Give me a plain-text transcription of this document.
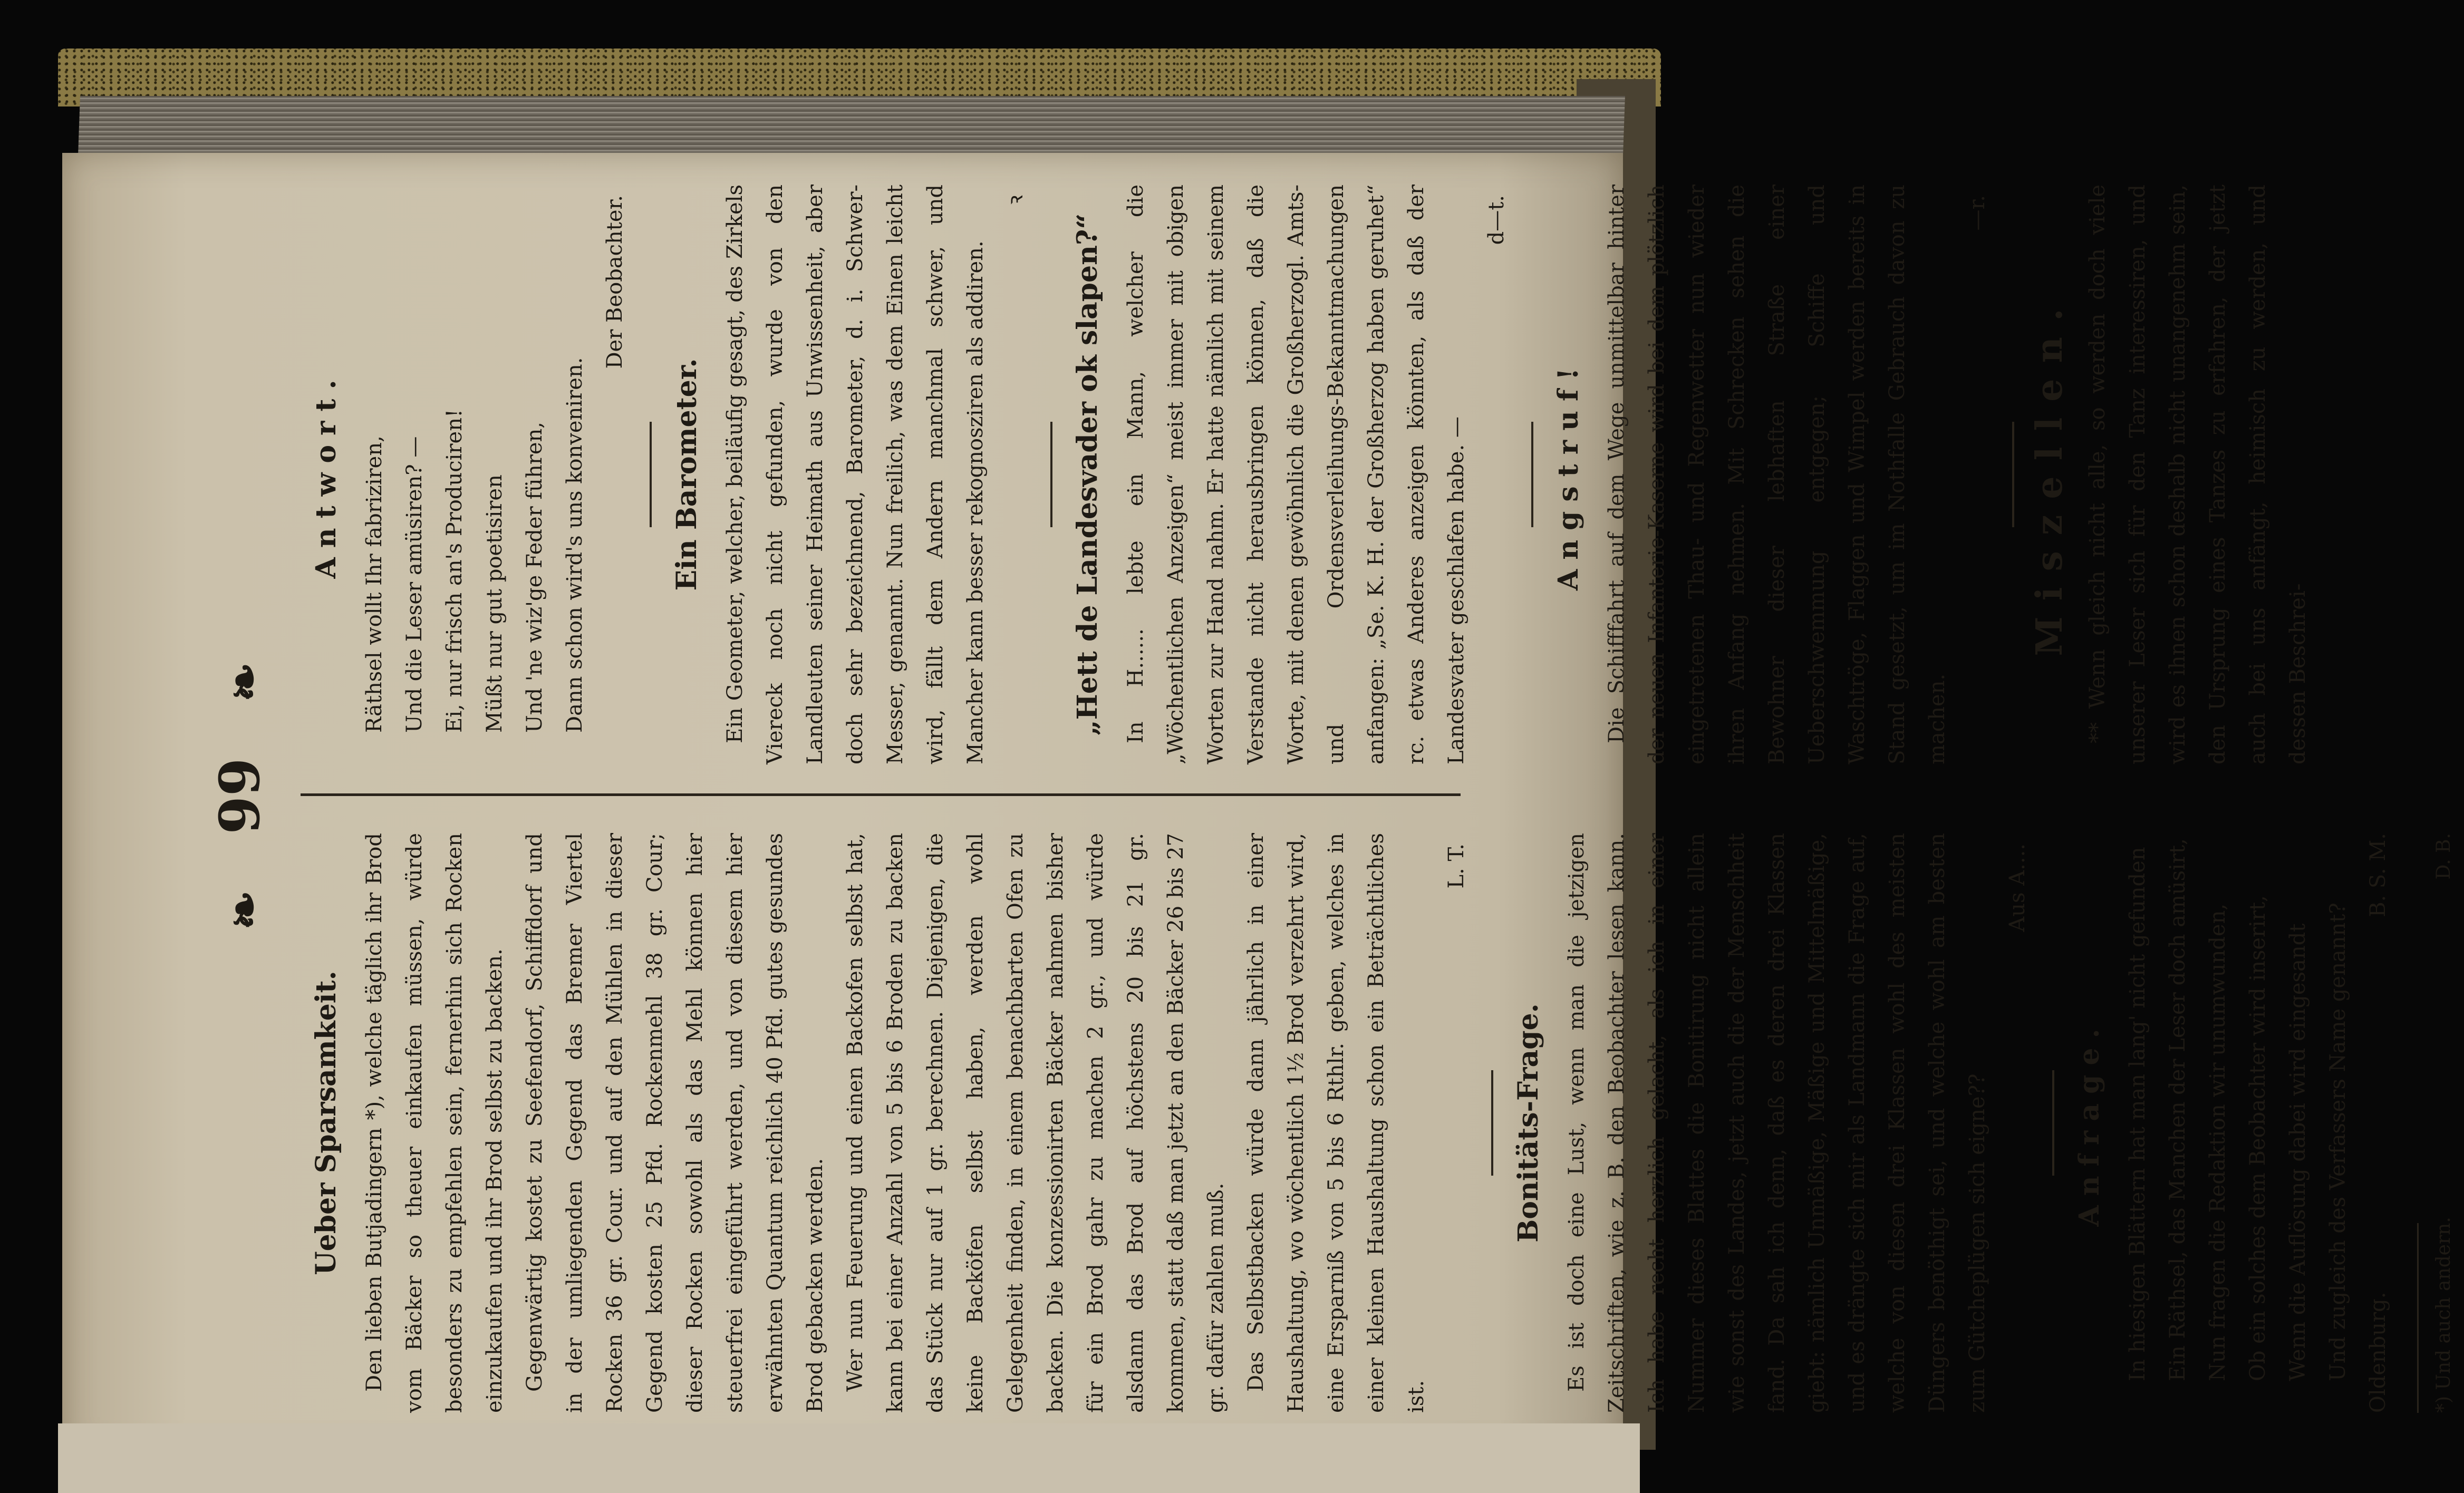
❧ 99 ❧
Ueber Sparsamkeit. Den lieben Butjadingern *), welche täglich ihr Brod vom Bäcker so theuer einkaufen müssen, würde besonders zu empfehlen sein, fernerhin sich Rocken einzukaufen und ihr Brod selbst zu backen. Gegenwärtig kostet zu Seefendorf, Schiffdorf und in der umliegenden Gegend das Bremer Viertel Rocken 36 gr. Cour. und auf den Mühlen in dieser Gegend kosten 25 Pfd. Rockenmehl 38 gr. Cour; dieser Rocken sowohl als das Mehl können hier steuerfrei eingeführt werden, und von diesem hier erwähnten Quantum reichlich 40 Pfd. gutes gesundes Brod gebacken werden. Wer nun Feuerung und einen Backofen selbst hat, kann bei einer Anzahl von 5 bis 6 Broden zu backen das Stück nur auf 1 gr. berechnen. Diejenigen, die keine Backöfen selbst haben, werden wohl Gelegenheit finden, in einem benachbarten Ofen zu backen. Die konzessionirten Bäcker nahmen bisher für ein Brod gahr zu machen 2 gr., und würde alsdann das Brod auf höchstens 20 bis 21 gr. kommen, statt daß man jetzt an den Bäcker 26 bis 27 gr. dafür zahlen muß. Das Selbstbacken würde dann jährlich in einer Haushaltung, wo wöchentlich 1½ Brod verzehrt wird, eine Ersparniß von 5 bis 6 Rthlr. geben, welches in einer kleinen Haushaltung schon ein Beträchtliches ist.

L. T.
Bonitäts-Frage. Es ist doch eine Lust, wenn man die jetzigen Zeitschriften, wie z. B. den Beobachter lesen kann. Ich habe recht herzlich gelacht, als ich in einer Nummer dieses Blattes die Bonitirung nicht allein wie sonst des Landes, jetzt auch die der Menschheit fand. Da sah ich denn, daß es deren drei Klassen giebt: nämlich Unmäßige, Mäßige und Mittelmäßige, und es drängte sich mir als Landmann die Frage auf, welche von diesen drei Klassen wohl des meisten Düngers benöthigt sei, und welche wohl am besten zum Gütcheplügen sich eigne??

Aus A....
Anfrage. In hiesigen Blättern hat man lang' nicht gefunden Ein Räthsel, das Manchen der Leser doch amüsirt, Nun fragen die Redaktion wir unumwunden, Ob ein solches dem Beobachter wird inserirt, Wenn die Auflösung dabei wird eingesandt Und zugleich des Verfassers Name genannt? Oldenburg.
B. S. M.
*) Und auch andern.
D. B.
Antwort. Räthsel wollt Ihr fabriziren, Und die Leser amüsiren? — Ei, nur frisch an's Produciren! Müßt nur gut poetisiren Und 'ne wiz'ge Feder führen, Dann schon wird's uns konveniren.
Der Beobachter.
Ein Barometer. Ein Geometer, welcher, beiläufig gesagt, des Zirkels Viereck noch nicht gefunden, wurde von den Landleuten seiner Heimath aus Unwissenheit, aber doch sehr bezeichnend, Barometer, d. i. Schwer-Messer, genannt. Nun freilich, was dem Einen leicht wird, fällt dem Andern manchmal schwer, und Mancher kann besser rekognosziren als addiren.

ꝛ
„Hett de Landesvader ok slapen?“ In H...... lebte ein Mann, welcher die „Wöchentlichen Anzeigen“ meist immer mit obigen Worten zur Hand nahm. Er hatte nämlich mit seinem Verstande nicht herausbringen können, daß die Worte, mit denen gewöhnlich die Großherzogl. Amts- und Ordensverleihungs-Bekanntmachungen anfangen: „Se. K. H. der Großherzog haben geruhet“ rc. etwas Anderes anzeigen könnten, als daß der Landesvater geschlafen habe. —

d—t.
Angstruf! Die Schifffahrt auf dem Wege unmittelbar hinter der neuen Infanterie-Kaserne wird bei dem plötzlich eingetretenen Thau- und Regenwetter nun wieder ihren Anfang nehmen. Mit Schrecken sehen die Bewohner dieser lebhaften Straße einer Ueberschwemmung entgegen; Schiffe und Waschtröge, Flaggen und Wimpel werden bereits in Stand gesetzt, um im Nothfalle Gebrauch davon zu machen.

—r.
Miszellen. ** Wenn gleich nicht alle, so werden doch viele unserer Leser sich für den Tanz interessiren, und wird es ihnen schon deshalb nicht unangenehm sein, den Ursprung eines Tanzes zu erfahren, der jetzt auch bei uns anfängt, heimisch zu werden, und dessen Beschrei-
